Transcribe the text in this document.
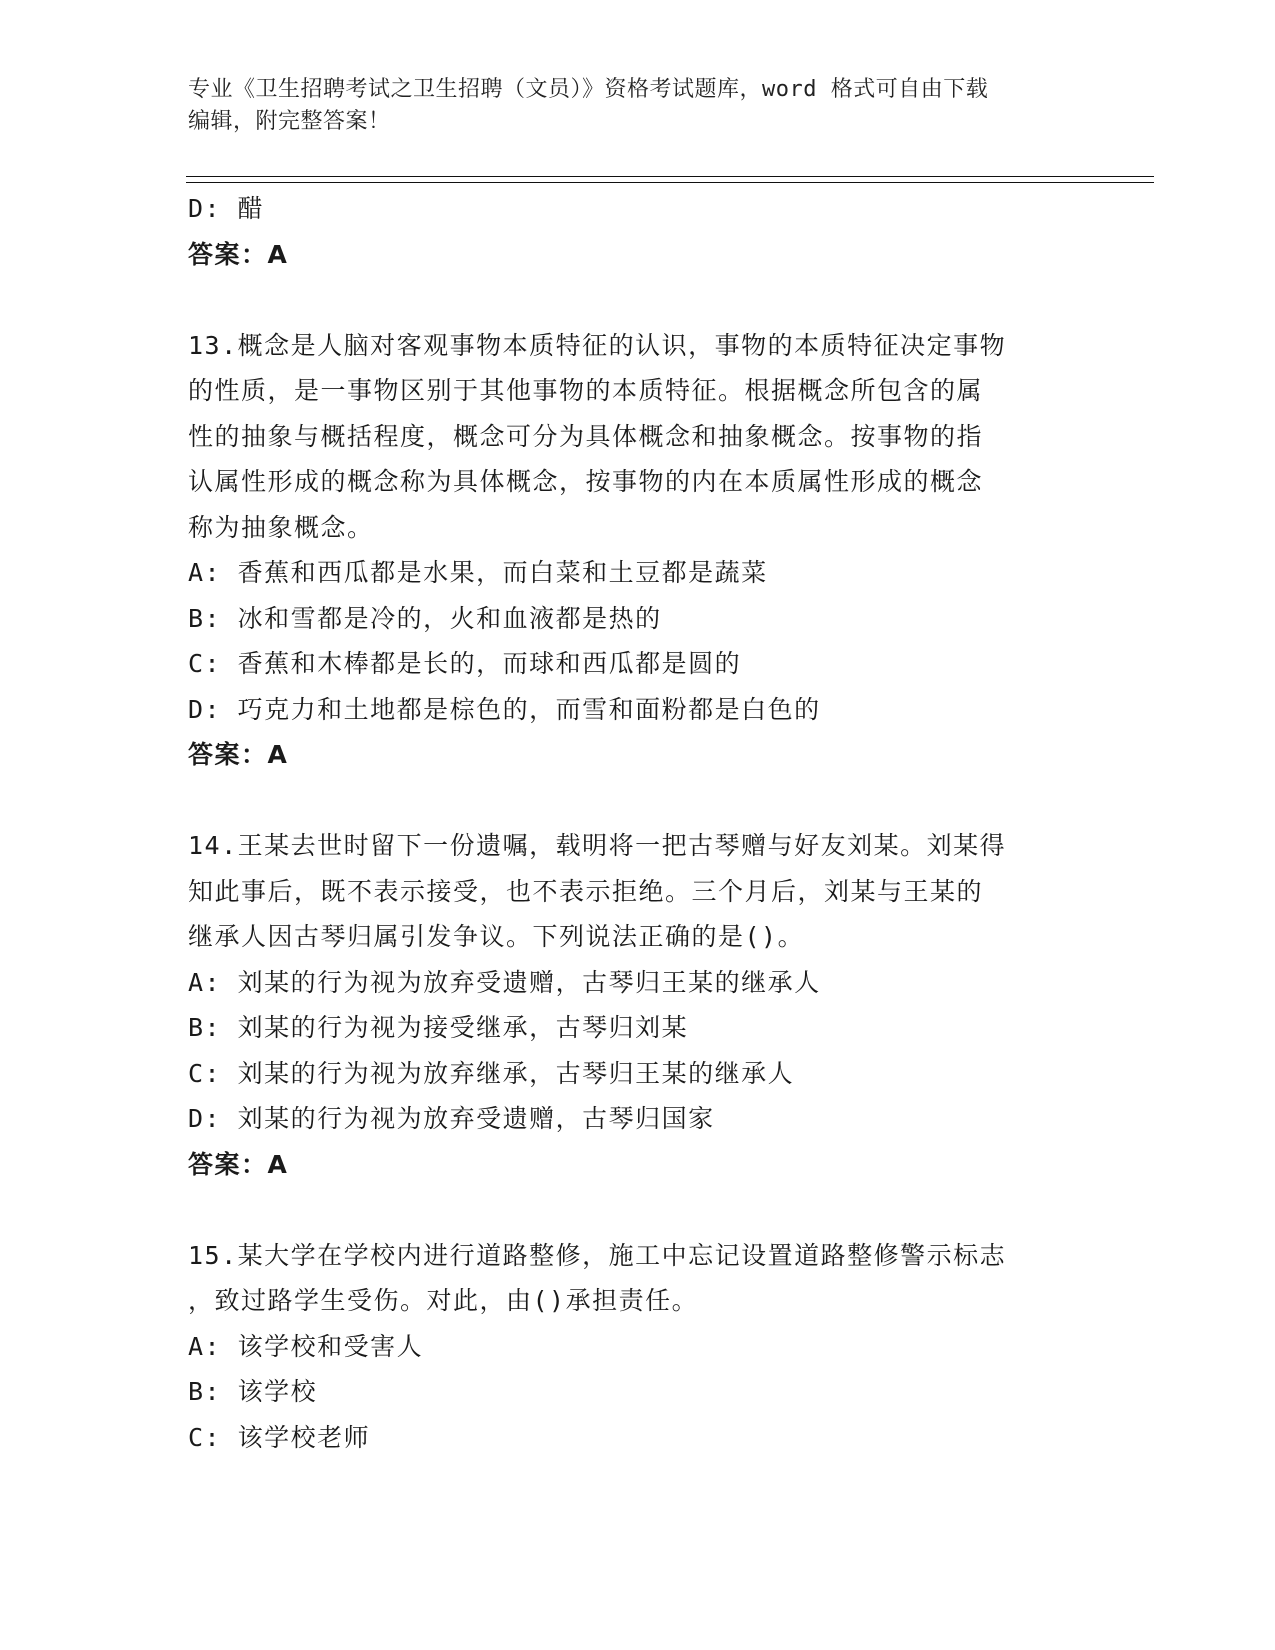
专业《卫生招聘考试之卫生招聘（文员）》资格考试题库，word 格式可自由下载
编辑，附完整答案！
D: 醋
答案：A
13.概念是人脑对客观事物本质特征的认识，事物的本质特征决定事物
的性质，是一事物区别于其他事物的本质特征。根据概念所包含的属
性的抽象与概括程度，概念可分为具体概念和抽象概念。按事物的指
认属性形成的概念称为具体概念，按事物的内在本质属性形成的概念
称为抽象概念。
A: 香蕉和西瓜都是水果，而白菜和土豆都是蔬菜
B: 冰和雪都是冷的，火和血液都是热的
C: 香蕉和木棒都是长的，而球和西瓜都是圆的
D: 巧克力和土地都是棕色的，而雪和面粉都是白色的
答案：A
14.王某去世时留下一份遗嘱，载明将一把古琴赠与好友刘某。刘某得
知此事后，既不表示接受，也不表示拒绝。三个月后，刘某与王某的
继承人因古琴归属引发争议。下列说法正确的是()。
A: 刘某的行为视为放弃受遗赠，古琴归王某的继承人
B: 刘某的行为视为接受继承，古琴归刘某
C: 刘某的行为视为放弃继承，古琴归王某的继承人
D: 刘某的行为视为放弃受遗赠，古琴归国家
答案：A
15.某大学在学校内进行道路整修，施工中忘记设置道路整修警示标志
，致过路学生受伤。对此，由()承担责任。
A: 该学校和受害人
B: 该学校
C: 该学校老师
